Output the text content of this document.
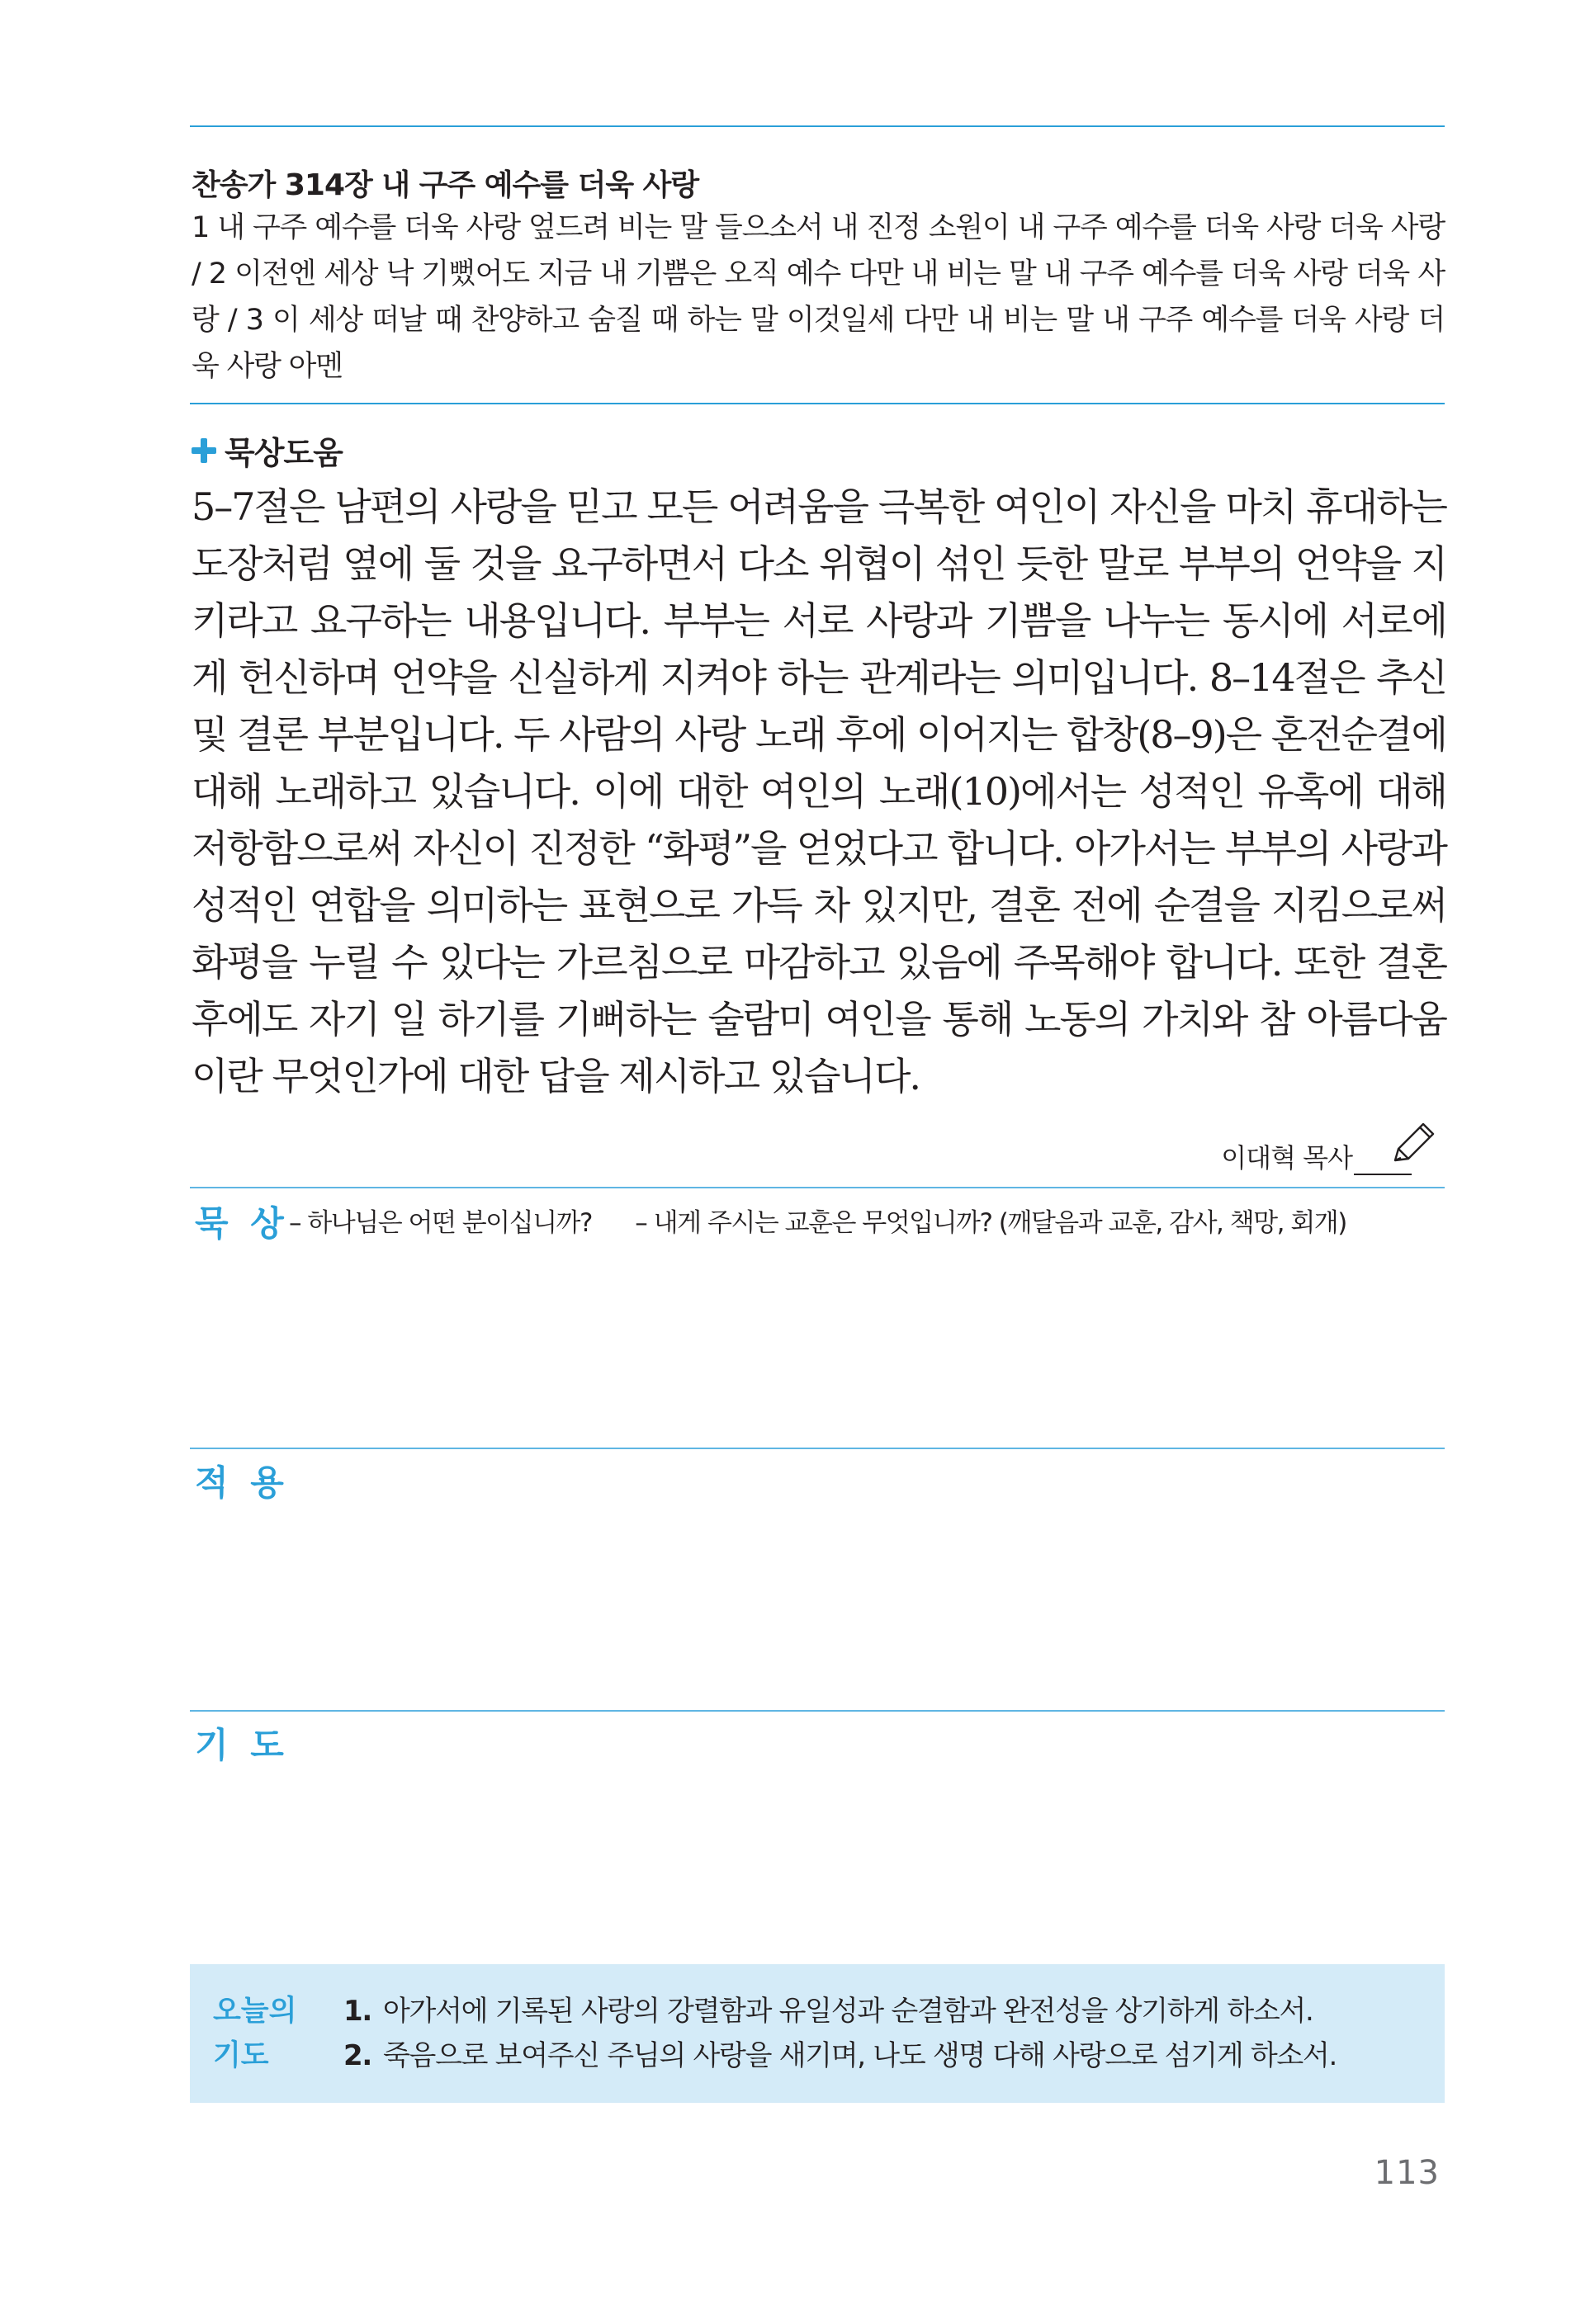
찬송가 314장 내 구주 예수를 더욱 사랑
1 내 구주 예수를 더욱 사랑 엎드려 비는 말 들으소서 내 진정 소원이 내 구주 예수를 더욱 사랑 더욱 사랑 / 2 이전엔 세상 낙 기뻤어도 지금 내 기쁨은 오직 예수 다만 내 비는 말 내 구주 예수를 더욱 사랑 더욱 사랑 / 3 이 세상 떠날 때 찬양하고 숨질 때 하는 말 이것일세 다만 내 비는 말 내 구주 예수를 더욱 사랑 더욱 사랑 아멘
묵상도움
5–7절은 남편의 사랑을 믿고 모든 어려움을 극복한 여인이 자신을 마치 휴대하는 도장처럼 옆에 둘 것을 요구하면서 다소 위협이 섞인 듯한 말로 부부의 언약을 지키라고 요구하는 내용입니다. 부부는 서로 사랑과 기쁨을 나누는 동시에 서로에게 헌신하며 언약을 신실하게 지켜야 하는 관계라는 의미입니다. 8–14절은 추신 및 결론 부분입니다. 두 사람의 사랑 노래 후에 이어지는 합창(8–9)은 혼전순결에 대해 노래하고 있습니다. 이에 대한 여인의 노래(10)에서는 성적인 유혹에 대해 저항함으로써 자신이 진정한 “화평”을 얻었다고 합니다. 아가서는 부부의 사랑과 성적인 연합을 의미하는 표현으로 가득 차 있지만, 결혼 전에 순결을 지킴으로써 화평을 누릴 수 있다는 가르침으로 마감하고 있음에 주목해야 합니다. 또한 결혼 후에도 자기 일 하기를 기뻐하는 술람미 여인을 통해 노동의 가치와 참 아름다움이란 무엇인가에 대한 답을 제시하고 있습니다.
이대혁 목사
묵 상 – 하나님은 어떤 분이십니까? – 내게 주시는 교훈은 무엇입니까? (깨달음과 교훈, 감사, 책망, 회개)
적 용
기 도
오늘의
기도
1. 아가서에 기록된 사랑의 강렬함과 유일성과 순결함과 완전성을 상기하게 하소서.
2. 죽음으로 보여주신 주님의 사랑을 새기며, 나도 생명 다해 사랑으로 섬기게 하소서.
113
